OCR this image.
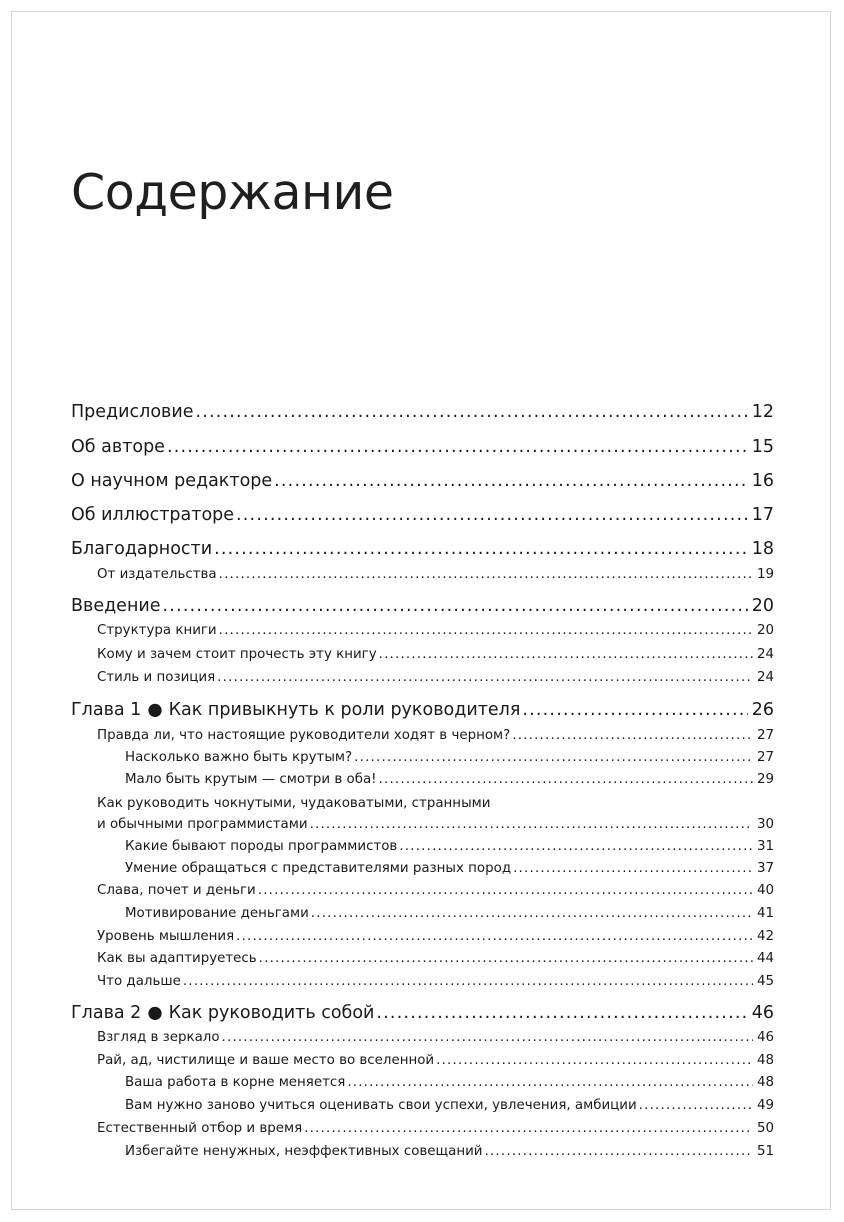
Содержание
Предисловие .....	12
Об авторе .....	15
О научном редакторе .....	16
Об иллюстраторе .....	17
Благодарности .....	18
От издательства .....	19
Введение .....	20
Структура книги .....	20
Кому и зачем стоит прочесть эту книгу .....	24
Стиль и позиция .....	24
Глава 1 ● Как привыкнуть к роли руководителя .....	26
Правда ли, что настоящие руководители ходят в черном? .....	27
Насколько важно быть крутым? .....	27
Мало быть крутым — смотри в оба! .....	29
Как руководить чокнутыми, чудаковатыми, странными
и обычными программистами .....	30
Какие бывают породы программистов .....	31
Умение обращаться с представителями разных пород .....	37
Слава, почет и деньги .....	40
Мотивирование деньгами .....	41
Уровень мышления .....	42
Как вы адаптируетесь .....	44
Что дальше .....	45
Глава 2 ● Как руководить собой .....	46
Взгляд в зеркало .....	46
Рай, ад, чистилище и ваше место во вселенной .....	48
Ваша работа в корне меняется .....	48
Вам нужно заново учиться оценивать свои успехи, увлечения, амбиции .....	49
Естественный отбор и время .....	50
Избегайте ненужных, неэффективных совещаний .....	51
